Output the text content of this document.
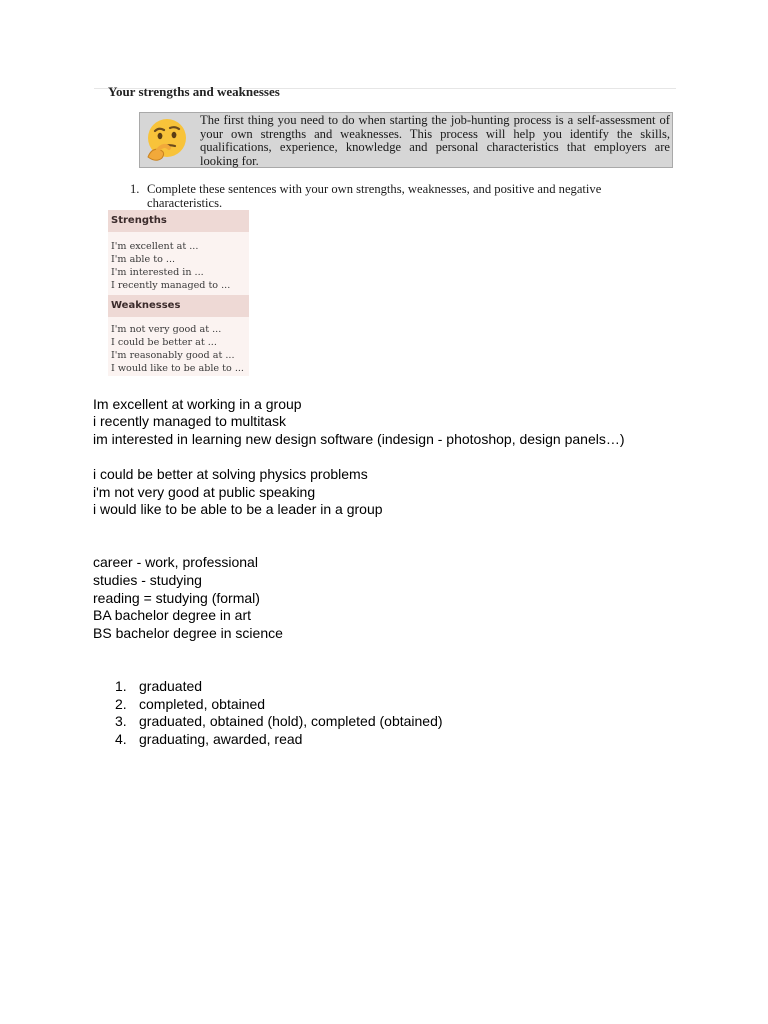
Your strengths and weaknesses
The first thing you need to do when starting the job-hunting process is a self-assessment of your own strengths and weaknesses. This process will help you identify the skills, qualifications, experience, knowledge and personal characteristics that employers are looking for.
1. Complete these sentences with your own strengths, weaknesses, and positive and negative characteristics.
Strengths
I'm excellent at ...
I'm able to ...
I'm interested in ...
I recently managed to ...
Weaknesses
I'm not very good at ...
I could be better at ...
I'm reasonably good at ...
I would like to be able to ...
Im excellent at working in a group
i recently managed to multitask
im interested in learning new design software (indesign - photoshop, design panels…)
i could be better at solving physics problems
i'm not very good at public speaking
i would like to be able to be a leader in a group
career - work, professional
studies - studying
reading = studying (formal)
BA bachelor degree in art
BS bachelor degree in science
1. graduated
2. completed, obtained
3. graduated, obtained (hold), completed (obtained)
4. graduating, awarded, read
